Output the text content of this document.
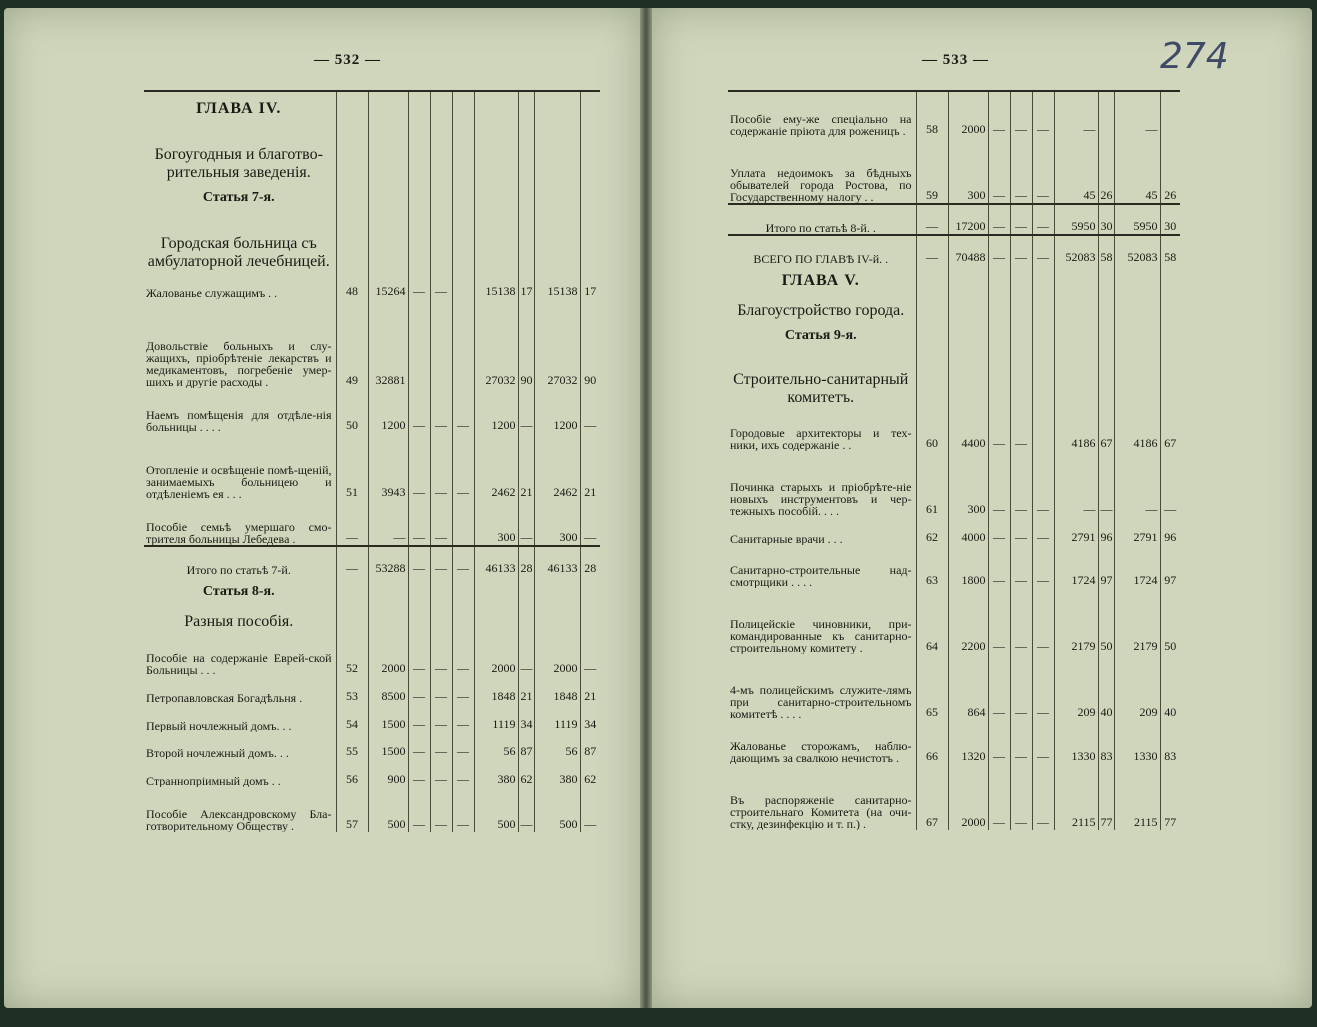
— 532 —
ГЛАВА IV.									
Богоугодныя и благотво-рительныя заведенія.									
Статья 7-я.									
Городская больница съ амбулаторной лечебницей.									
Жалованье служащимъ . .	48	15264	—	—		15138	17	15138	17
Довольствіе больныхъ и слу-жащихъ, пріобрѣтеніе лекарствъ и медикаментовъ, погребеніе умер-шихъ и другіе расходы .	49	32881				27032	90	27032	90
Наемъ помѣщенія для отдѣле-нія больницы . . . .	50	1200	—	—	—	1200	—	1200	—
Отопленіе и освѣщеніе помѣ-щеній, занимаемыхъ больницею и отдѣленіемъ ея . . .	51	3943	—	—	—	2462	21	2462	21
Пособіе семьѣ умершаго смо-трителя больницы Лебедева .	—	—	—	—		300	—	300	—
Итого по статьѣ 7-й.	—	53288	—	—	—	46133	28	46133	28
Статья 8-я.									
Разныя пособія.									
Пособіе на содержаніе Еврей-ской Больницы . . .	52	2000	—	—	—	2000	—	2000	—
Петропавловская Богадѣльня .	53	8500	—	—	—	1848	21	1848	21
Первый ночлежный домъ. . .	54	1500	—	—	—	1119	34	1119	34
Второй ночлежный домъ. . .	55	1500	—	—	—	56	87	56	87
Страннопріимный домъ . .	56	900	—	—	—	380	62	380	62
Пособіе Александровскому Бла-готворительному Обществу .	57	500	—	—	—	500	—	500	—
— 533 —	274
Пособіе ему-же спеціально на содержаніе пріюта для роженицъ .	58	2000	—	—	—	—		—	
Уплата недоимокъ за бѣдныхъ обывателей города Ростова, по Государственному налогу . .	59	300	—	—	—	45	26	45	26
Итого по статьѣ 8-й. .	—	17200	—	—	—	5950	30	5950	30
ВСЕГО ПО ГЛАВѢ IV-й. .	—	70488	—	—	—	52083	58	52083	58
ГЛАВА V.									
Благоустройство города.									
Статья 9-я.									
Строительно-санитарный комитетъ.									
Городовые архитекторы и тех-ники, ихъ содержаніе . .	60	4400	—	—		4186	67	4186	67
Починка старыхъ и пріобрѣте-ніе новыхъ инструментовъ и чер-тежныхъ пособій. . . .	61	300	—	—	—	—	—	—	—
Санитарные врачи . . .	62	4000	—	—	—	2791	96	2791	96
Санитарно-строительные над-смотрщики . . . .	63	1800	—	—	—	1724	97	1724	97
Полицейскіе чиновники, при-командированные къ санитарно-строительному комитету .	64	2200	—	—	—	2179	50	2179	50
4-мъ полицейскимъ служите-лямъ при санитарно-строительномъ комитетѣ . . . .	65	864	—	—	—	209	40	209	40
Жалованье сторожамъ, наблю-дающимъ за свалкою нечистотъ .	66	1320	—	—	—	1330	83	1330	83
Въ распоряженіе санитарно-строительнаго Комитета (на очи-стку, дезинфекцію и т. п.) .	67	2000	—	—	—	2115	77	2115	77
